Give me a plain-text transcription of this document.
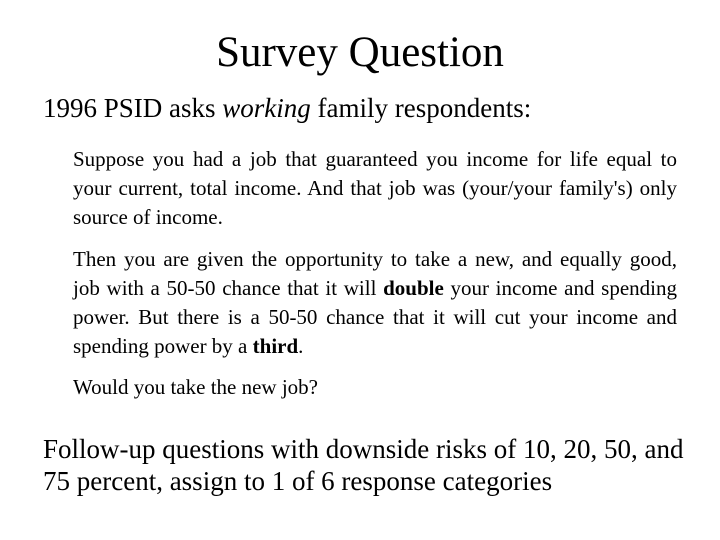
Survey Question
1996 PSID asks working family respondents:
Suppose you had a job that guaranteed you income for life equal to your current, total income. And that job was (your/your family's) only source of income.
Then you are given the opportunity to take a new, and equally good, job with a 50-50 chance that it will double your income and spending power. But there is a 50-50 chance that it will cut your income and spending power by a third.
Would you take the new job?
Follow-up questions with downside risks of 10, 20, 50, and 75 percent, assign to 1 of 6 response categories
